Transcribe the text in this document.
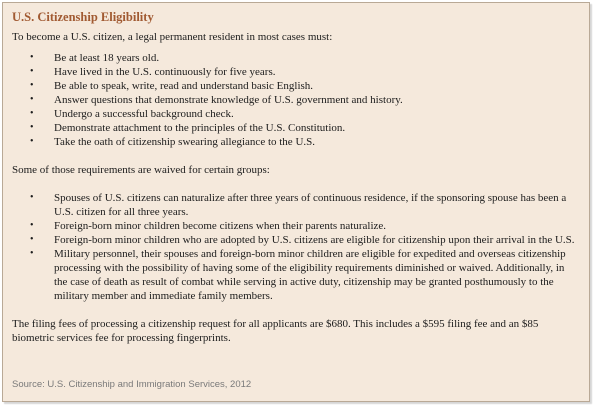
U.S. Citizenship Eligibility
To become a U.S. citizen, a legal permanent resident in most cases must:
• Be at least 18 years old.
• Have lived in the U.S. continuously for five years.
• Be able to speak, write, read and understand basic English.
• Answer questions that demonstrate knowledge of U.S. government and history.
• Undergo a successful background check.
• Demonstrate attachment to the principles of the U.S. Constitution.
• Take the oath of citizenship swearing allegiance to the U.S.
Some of those requirements are waived for certain groups:
• Spouses of U.S. citizens can naturalize after three years of continuous residence, if the sponsoring spouse has been a U.S. citizen for all three years.
• Foreign-born minor children become citizens when their parents naturalize.
• Foreign-born minor children who are adopted by U.S. citizens are eligible for citizenship upon their arrival in the U.S.
• Military personnel, their spouses and foreign-born minor children are eligible for expedited and overseas citizenship processing with the possibility of having some of the eligibility requirements diminished or waived. Additionally, in the case of death as result of combat while serving in active duty, citizenship may be granted posthumously to the military member and immediate family members.
The filing fees of processing a citizenship request for all applicants are $680. This includes a $595 filing fee and an $85 biometric services fee for processing fingerprints.
Source: U.S. Citizenship and Immigration Services, 2012
